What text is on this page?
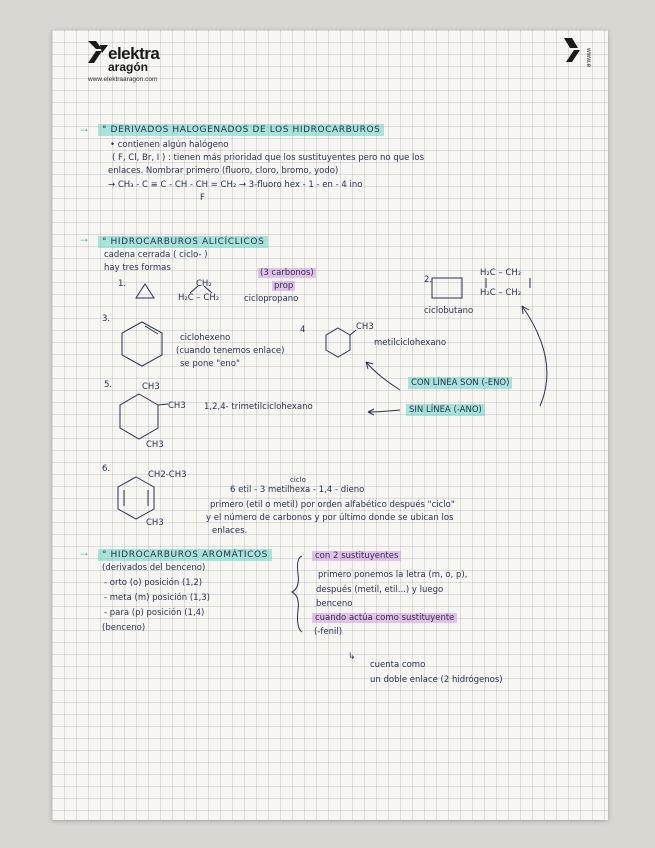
elektra
aragón
www.elektraaragon.com
www.e
→	° DERIVADOS HALOGENADOS DE LOS HIDROCARBUROS
• contienen algún halógeno
( F, Cl, Br, I ) : tienen más prioridad que los sustituyentes pero no que los
enlaces. Nombrar primero (fluoro, cloro, bromo, yodo)
→ CH₃ - C ≡ C - CH - CH = CH₂ → 3-fluoro hex - 1 - en - 4 ino
F
→	° HIDROCARBUROS ALICÍCLICOS
cadena cerrada ( ciclo- )
hay tres formas
1.	CH₂
H₂C – CH₂
(3 carbonos)
prop
ciclopropano
2.
H₂C – CH₂
H₂C – CH₂
ciclobutano
3.
ciclohexeno
(cuando tenemos enlace)
se pone "eno"
4	CH3
metilciclohexano
CON LÍNEA SON (-ENO)
SIN LÍNEA (-ANO)
5.	CH3
CH3
CH3
1,2,4- trimetilciclohexano
6.
CH2-CH3
CH3
ciclo
6 etil - 3 metilhexa - 1,4 - dieno
primero (etil o metil) por orden alfabético después "ciclo"
y el número de carbonos y por último donde se ubican los
enlaces.
→	° HIDROCARBUROS AROMÁTICOS
(derivados del benceno)
- orto (o) posición (1,2)
- meta (m) posición (1,3)
- para (p) posición (1,4)
(benceno)
con 2 sustituyentes
primero ponemos la letra (m, o, p),
después (metil, etil...) y luego
benceno
cuando actúa como sustituyente
(-fenil)
↳
cuenta como
un doble enlace (2 hidrógenos)
